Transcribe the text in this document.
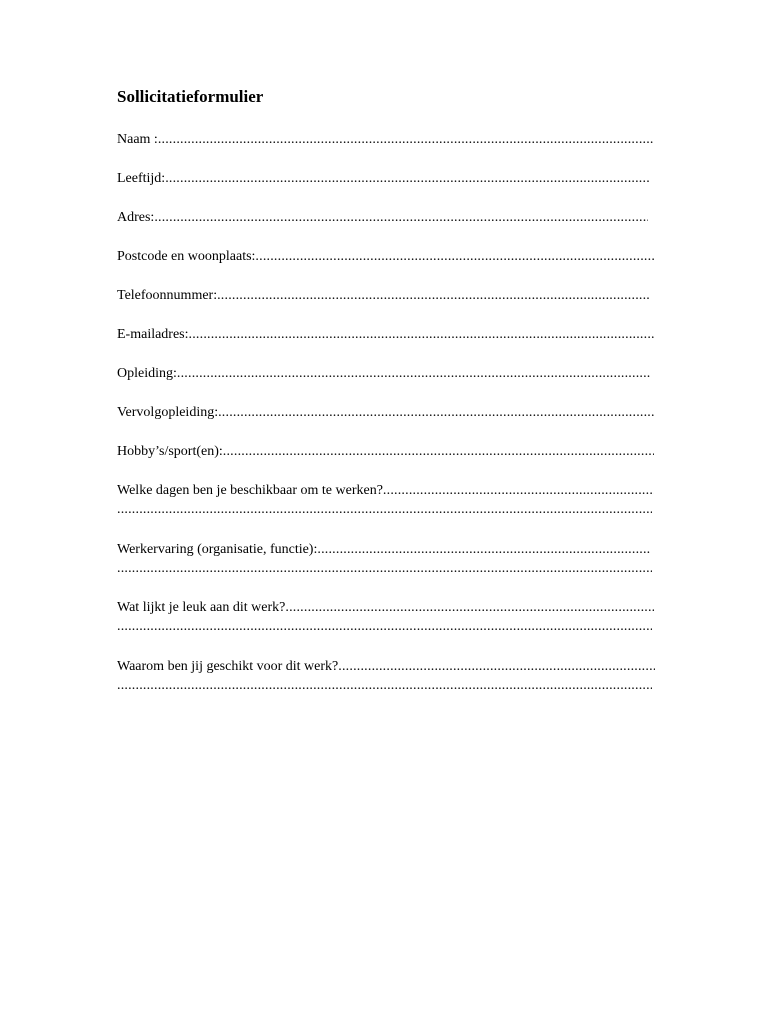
Sollicitatieformulier
Naam :
.....
Leeftijd:
.....
Adres:
.....
Postcode en woonplaats:
.....
Telefoonnummer:
.....
E-mailadres:
.....
Opleiding:
.....
Vervolgopleiding:
.....
Hobby’s/sport(en):
.....
Welke dagen ben je beschikbaar om te werken?
.....
.....
Werkervaring (organisatie, functie):
.....
.....
Wat lijkt je leuk aan dit werk?
.....
.....
Waarom ben jij geschikt voor dit werk?
.....
.....
